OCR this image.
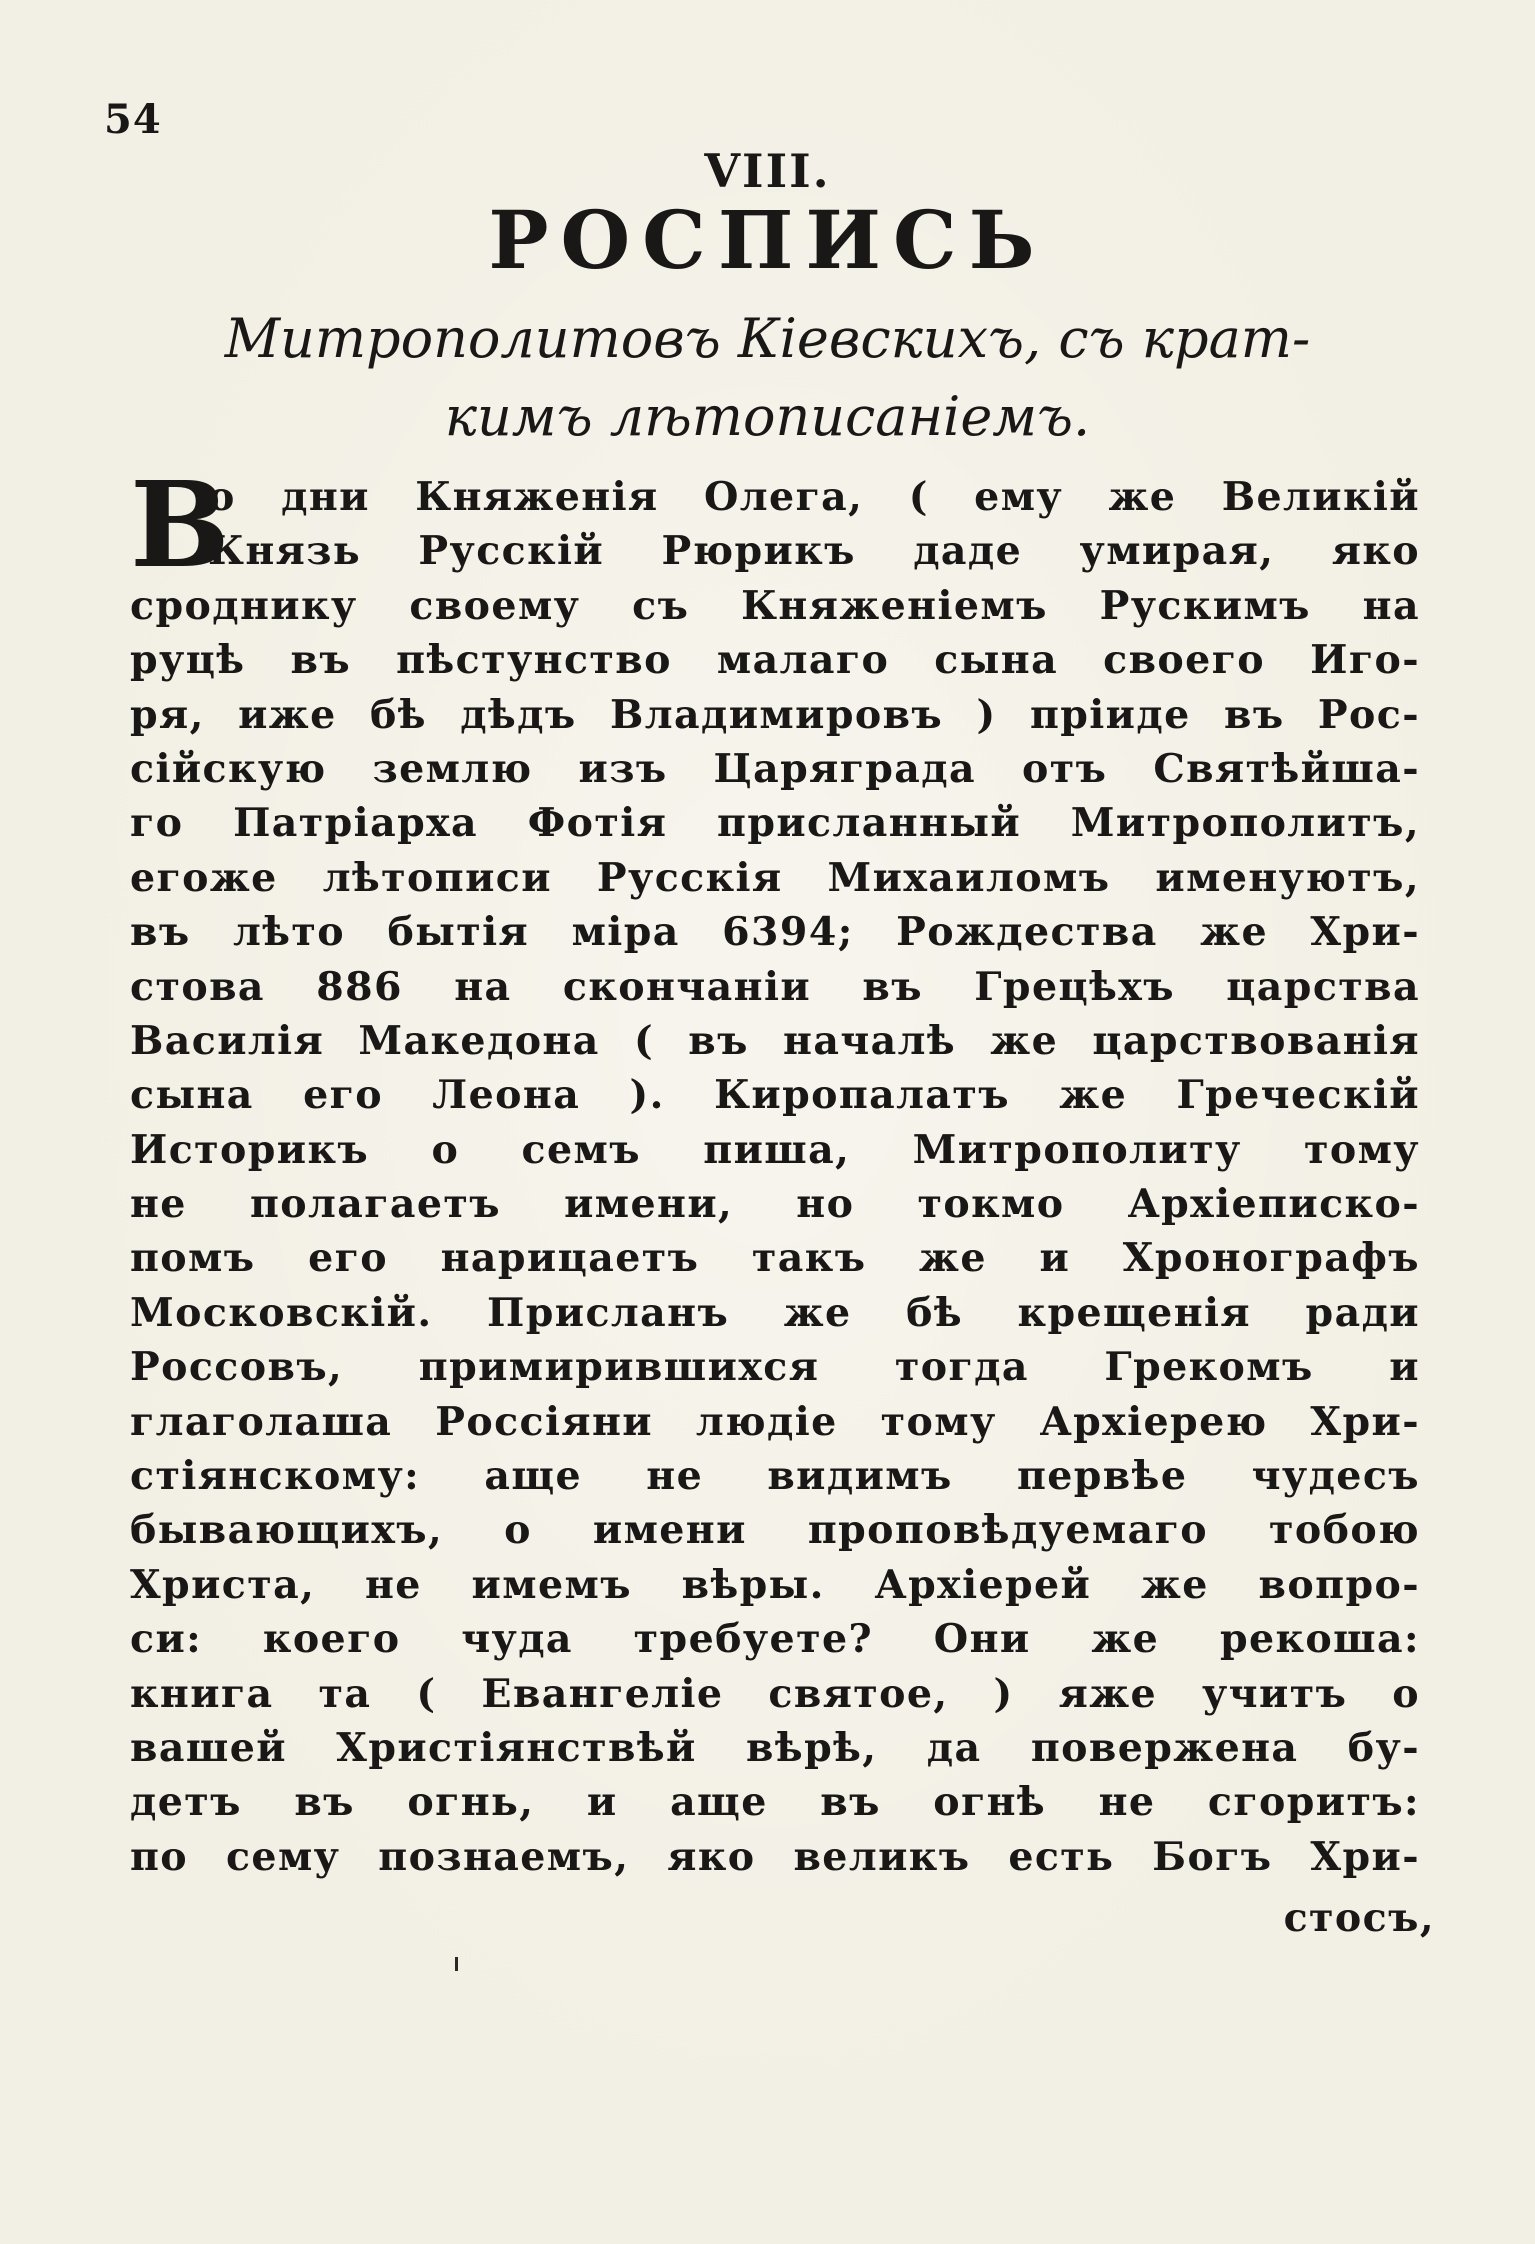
54
VIII.
РОСПИСЬ
Митрополитовъ Кіевскихъ, съ крат-
кимъ лѣтописаніемъ.
В
о дни Княженія Олега, ( ему же Великій
Князь Русскій Рюрикъ даде умирая, яко
сроднику своему съ Княженіемъ Рускимъ на
руцѣ въ пѣстунство малаго сына своего Иго-
ря, иже бѣ дѣдъ Владимировъ ) пріиде въ Рос-
сійскую землю изъ Царяграда отъ Святѣйша-
го Патріарха Фотія присланный Митрополитъ,
егоже лѣтописи Русскія Михаиломъ именуютъ,
въ лѣто бытія міра 6394; Рождества же Хри-
стова 886 на скончаніи въ Грецѣхъ царства
Василія Македона ( въ началѣ же царствованія
сына его Леона ). Киропалатъ же Греческій
Историкъ о семъ пиша, Митрополиту тому
не полагаетъ имени, но токмо Архіеписко-
помъ его нарицаетъ такъ же и Хронографъ
Московскій. Присланъ же бѣ крещенія ради
Россовъ, примирившихся тогда Грекомъ и
глаголаша Россіяни людіе тому Архіерею Хри-
стіянскому: аще не видимъ первѣе чудесъ
бывающихъ, о имени проповѣдуемаго тобою
Христа, не имемъ вѣры. Архіерей же вопро-
си: коего чуда требуете? Они же рекоша:
книга та ( Евангеліе святое, ) яже учитъ о
вашей Христіянствѣй вѣрѣ, да повержена бу-
детъ въ огнь, и аще въ огнѣ не сгоритъ:
по сему познаемъ, яко великъ есть Богъ Хри-
стосъ,
